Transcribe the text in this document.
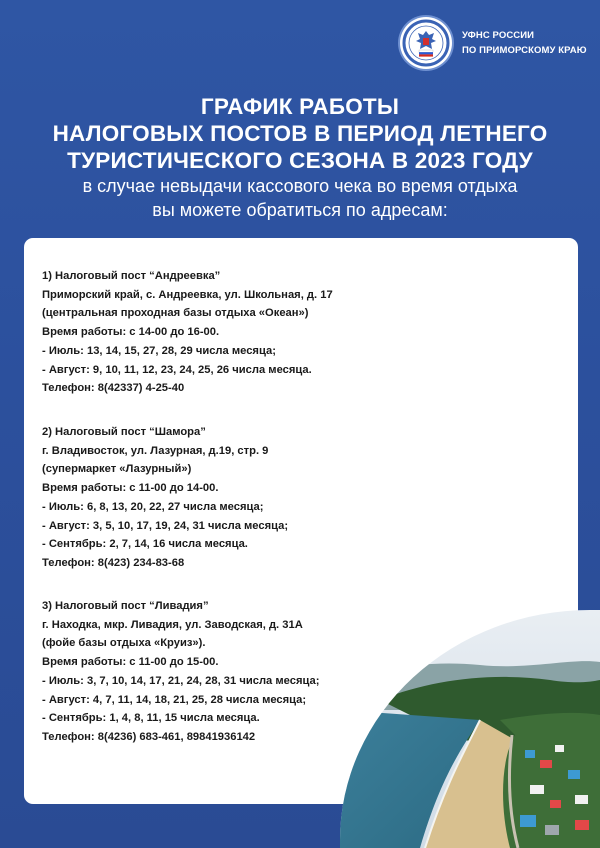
УФНС РОССИИ
ПО ПРИМОРСКОМУ КРАЮ
ГРАФИК РАБОТЫ
НАЛОГОВЫХ ПОСТОВ В ПЕРИОД ЛЕТНЕГО
ТУРИСТИЧЕСКОГО СЕЗОНА В 2023 ГОДУ
в случае невыдачи кассового чека во время отдыха
вы можете обратиться по адресам:
1) Налоговый пост “Андреевка”
Приморский край, с. Андреевка, ул. Школьная, д. 17
(центральная проходная базы отдыха «Океан»)
Время работы: с 14-00 до 16-00.
- Июль: 13, 14, 15, 27, 28, 29 числа месяца;
- Август: 9, 10, 11, 12, 23, 24, 25, 26 числа месяца.
Телефон: 8(42337) 4-25-40
2) Налоговый пост “Шамора”
г. Владивосток, ул. Лазурная, д.19, стр. 9
(супермаркет «Лазурный»)
Время работы: с 11-00 до 14-00.
- Июль: 6, 8, 13, 20, 22, 27 числа месяца;
- Август: 3, 5, 10, 17, 19, 24, 31 числа месяца;
- Сентябрь: 2, 7, 14, 16 числа месяца.
Телефон: 8(423) 234-83-68
3) Налоговый пост “Ливадия”
г. Находка, мкр. Ливадия, ул. Заводская, д. 31А
(фойе базы отдыха «Круиз»).
Время работы: с 11-00 до 15-00.
- Июль: 3, 7, 10, 14, 17, 21, 24, 28, 31 числа месяца;
- Август: 4, 7, 11, 14, 18, 21, 25, 28 числа месяца;
- Сентябрь: 1, 4, 8, 11, 15 числа месяца.
Телефон: 8(4236) 683-461, 89841936142
